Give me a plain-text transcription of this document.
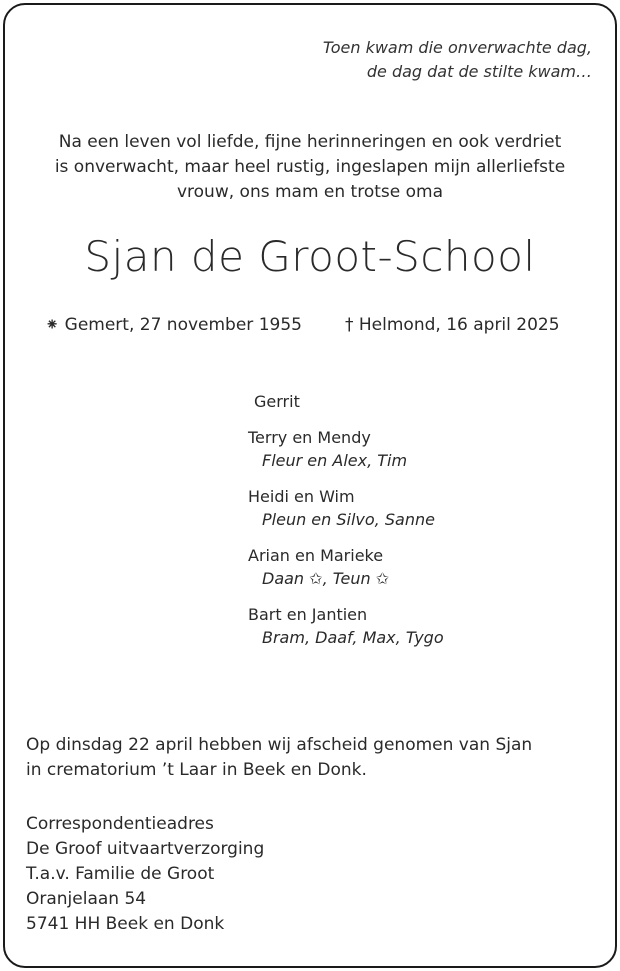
Toen kwam die onverwachte dag,
de dag dat de stilte kwam…
Na een leven vol liefde, fijne herinneringen en ook verdriet
is onverwacht, maar heel rustig, ingeslapen mijn allerliefste
vrouw, ons mam en trotse oma
Sjan de Groot-School
⁕ Gemert, 27 november 1955	† Helmond, 16 april 2025
Gerrit
Terry en Mendy
Fleur en Alex, Tim
Heidi en Wim
Pleun en Silvo, Sanne
Arian en Marieke
Daan ✩, Teun ✩
Bart en Jantien
Bram, Daaf, Max, Tygo
Op dinsdag 22 april hebben wij afscheid genomen van Sjan
in crematorium ’t Laar in Beek en Donk.
Correspondentieadres
De Groof uitvaartverzorging
T.a.v. Familie de Groot
Oranjelaan 54
5741 HH Beek en Donk
